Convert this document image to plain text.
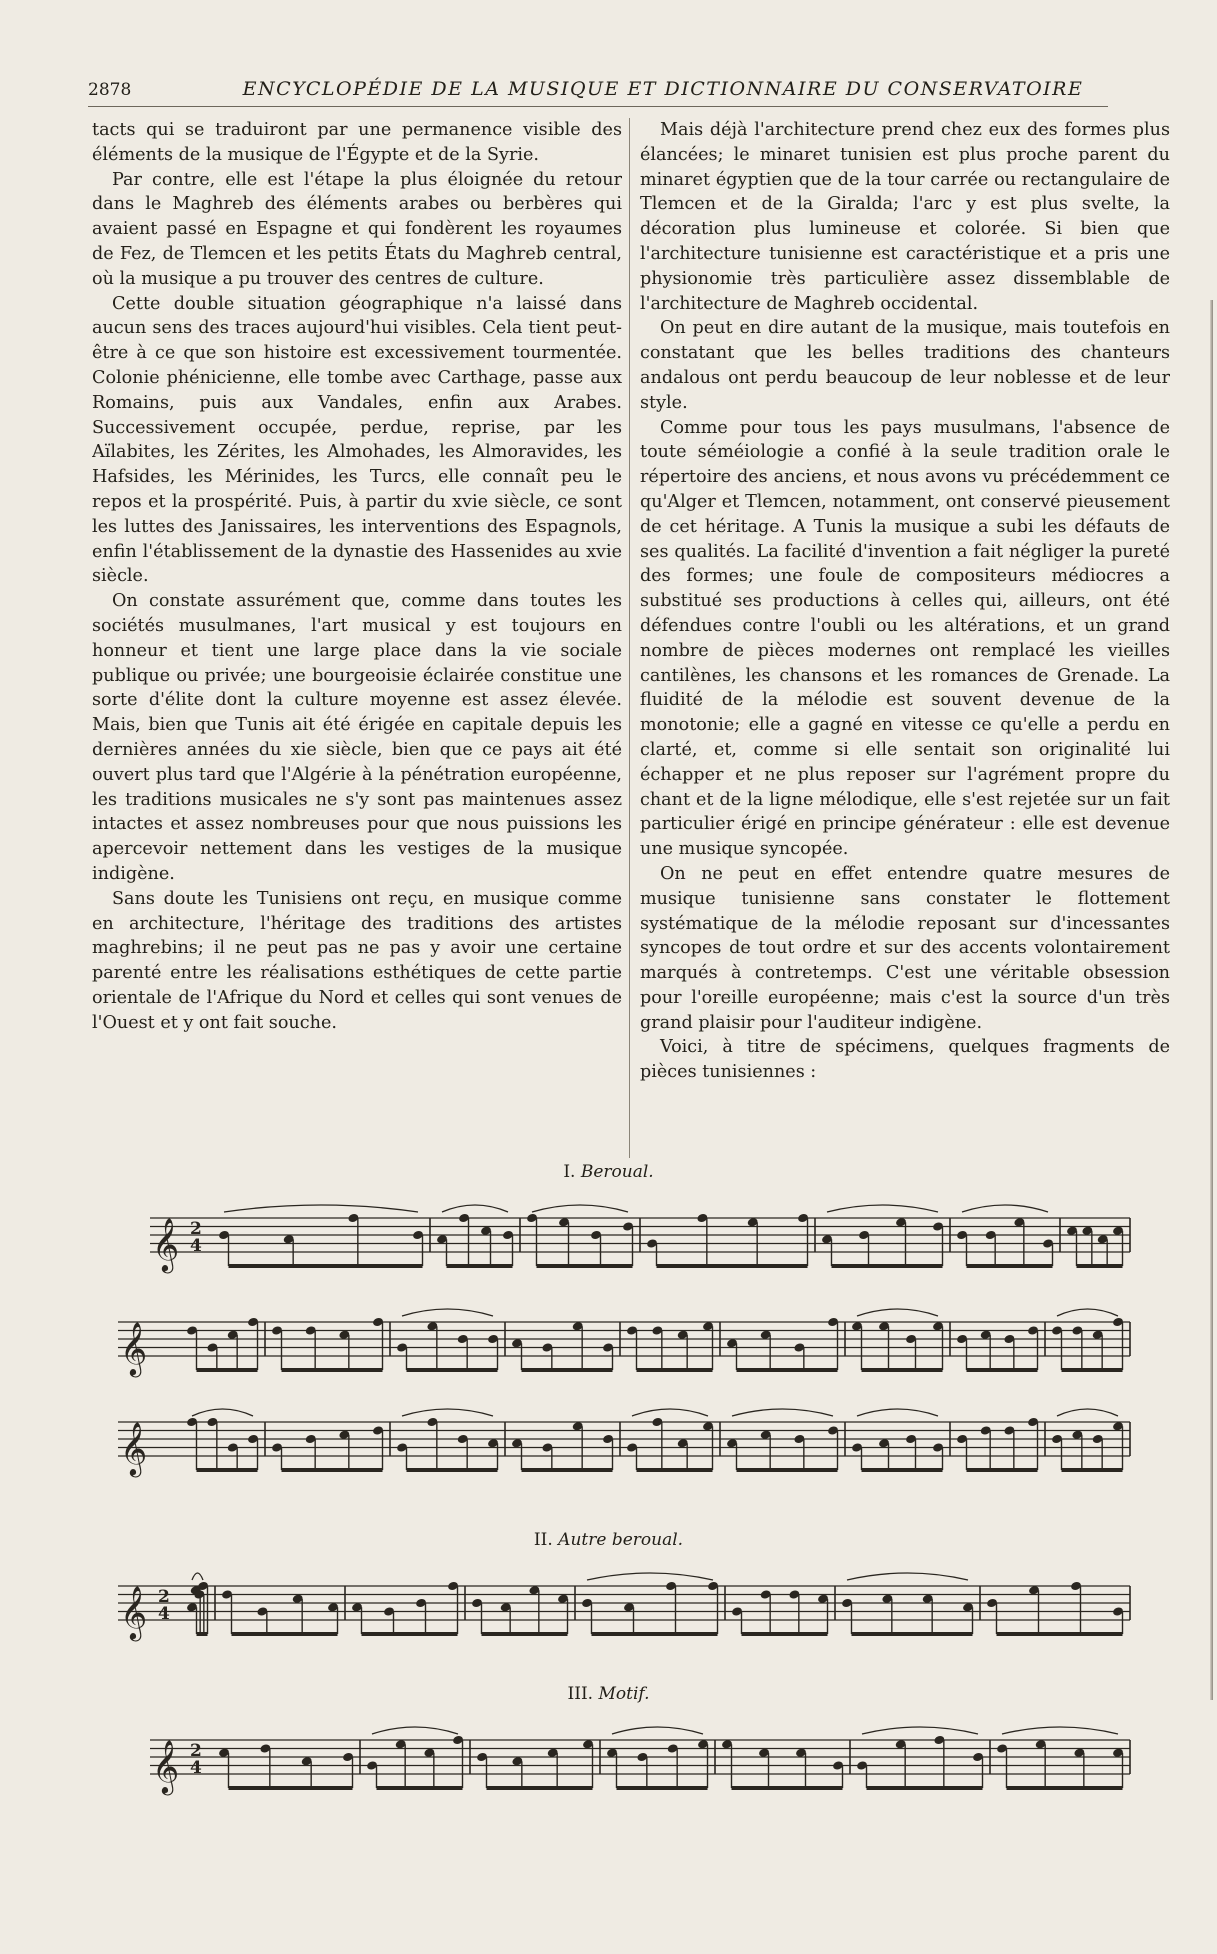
2878	ENCYCLOPÉDIE DE LA MUSIQUE ET DICTIONNAIRE DU CONSERVATOIRE

tacts qui se traduiront par une permanence visible des éléments de la musique de l'Égypte et de la Syrie.

Par contre, elle est l'étape la plus éloignée du retour dans le Maghreb des éléments arabes ou berbères qui avaient passé en Espagne et qui fondèrent les royaumes de Fez, de Tlemcen et les petits États du Maghreb central, où la musique a pu trouver des centres de culture.

Cette double situation géographique n'a laissé dans aucun sens des traces aujourd'hui visibles. Cela tient peut-être à ce que son histoire est excessivement tourmentée. Colonie phénicienne, elle tombe avec Carthage, passe aux Romains, puis aux Vandales, enfin aux Arabes. Successivement occupée, perdue, reprise, par les Aïlabites, les Zérites, les Almohades, les Almoravides, les Hafsides, les Mérinides, les Turcs, elle connaît peu le repos et la prospérité. Puis, à partir du xvie siècle, ce sont les luttes des Janissaires, les interventions des Espagnols, enfin l'établissement de la dynastie des Hassenides au xvie siècle.

On constate assurément que, comme dans toutes les sociétés musulmanes, l'art musical y est toujours en honneur et tient une large place dans la vie sociale publique ou privée; une bourgeoisie éclairée constitue une sorte d'élite dont la culture moyenne est assez élevée. Mais, bien que Tunis ait été érigée en capitale depuis les dernières années du xie siècle, bien que ce pays ait été ouvert plus tard que l'Algérie à la pénétration européenne, les traditions musicales ne s'y sont pas maintenues assez intactes et assez nombreuses pour que nous puissions les apercevoir nettement dans les vestiges de la musique indigène.

Sans doute les Tunisiens ont reçu, en musique comme en architecture, l'héritage des traditions des artistes maghrebins; il ne peut pas ne pas y avoir une certaine parenté entre les réalisations esthétiques de cette partie orientale de l'Afrique du Nord et celles qui sont venues de l'Ouest et y ont fait souche.

Mais déjà l'architecture prend chez eux des formes plus élancées; le minaret tunisien est plus proche parent du minaret égyptien que de la tour carrée ou rectangulaire de Tlemcen et de la Giralda; l'arc y est plus svelte, la décoration plus lumineuse et colorée. Si bien que l'architecture tunisienne est caractéristique et a pris une physionomie très particulière assez dissemblable de l'architecture de Maghreb occidental.

On peut en dire autant de la musique, mais toutefois en constatant que les belles traditions des chanteurs andalous ont perdu beaucoup de leur noblesse et de leur style.

Comme pour tous les pays musulmans, l'absence de toute séméiologie a confié à la seule tradition orale le répertoire des anciens, et nous avons vu précédemment ce qu'Alger et Tlemcen, notamment, ont conservé pieusement de cet héritage. A Tunis la musique a subi les défauts de ses qualités. La facilité d'invention a fait négliger la pureté des formes; une foule de compositeurs médiocres a substitué ses productions à celles qui, ailleurs, ont été défendues contre l'oubli ou les altérations, et un grand nombre de pièces modernes ont remplacé les vieilles cantilènes, les chansons et les romances de Grenade. La fluidité de la mélodie est souvent devenue de la monotonie; elle a gagné en vitesse ce qu'elle a perdu en clarté, et, comme si elle sentait son originalité lui échapper et ne plus reposer sur l'agrément propre du chant et de la ligne mélodique, elle s'est rejetée sur un fait particulier érigé en principe générateur : elle est devenue une musique syncopée.

On ne peut en effet entendre quatre mesures de musique tunisienne sans constater le flottement systématique de la mélodie reposant sur d'incessantes syncopes de tout ordre et sur des accents volontairement marqués à contretemps. C'est une véritable obsession pour l'oreille européenne; mais c'est la source d'un très grand plaisir pour l'auditeur indigène.

Voici, à titre de spécimens, quelques fragments de pièces tunisiennes :

I. Beroual.
𝄞 2
4
𝄞
𝄞
II. Autre beroual.
𝄞 2
4
III. Motif.
𝄞 2
4
